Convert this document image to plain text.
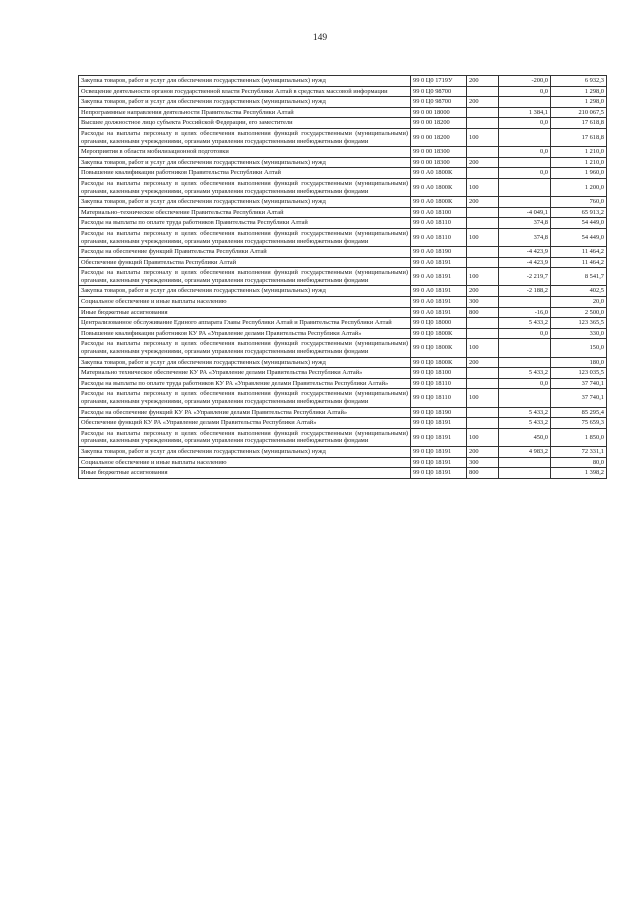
149
Закупка товаров, работ и услуг для обеспечения государственных (муниципальных) нужд	99 0 Ц0 1719У	200	-200,0	6 932,3
Освещение деятельности органов государственной власти Республики Алтай в средствах массовой информации	99 0 Ц0 98700		0,0	1 298,0
Закупка товаров, работ и услуг для обеспечения государственных (муниципальных) нужд	99 0 Ц0 98700	200		1 298,0
Непрограммные направления деятельности Правительства Республики Алтай	99 0 00 18000		1 384,1	210 067,5
Высшее должностное лицо субъекта Российской Федерации, его заместители	99 0 00 18200		0,0	17 618,8
Расходы на выплаты персоналу в целях обеспечения выполнения функций государственными (муниципальными) органами, казенными учреждениями, органами управления государственными внебюджетными фондами	99 0 00 18200	100		17 618,8
Мероприятия в области мобилизационной подготовки	99 0 00 18300		0,0	1 210,0
Закупка товаров, работ и услуг для обеспечения государственных (муниципальных) нужд	99 0 00 18300	200		1 210,0
Повышение квалификации работников Правительства Республики Алтай	99 0 А0 1800К		0,0	1 960,0
Расходы на выплаты персоналу в целях обеспечения выполнения функций государственными (муниципальными) органами, казенными учреждениями, органами управления государственными внебюджетными фондами	99 0 А0 1800К	100		1 200,0
Закупка товаров, работ и услуг для обеспечения государственных (муниципальных) нужд	99 0 А0 1800К	200		760,0
Материально–техническое обеспечение Правительства Республики Алтай	99 0 А0 18100		-4 049,1	65 913,2
Расходы на выплаты по оплате труда работников Правительства Республики Алтай	99 0 А0 18110		374,8	54 449,0
Расходы на выплаты персоналу в целях обеспечения выполнения функций государственными (муниципальными) органами, казенными учреждениями, органами управления государственными внебюджетными фондами	99 0 А0 18110	100	374,8	54 449,0
Расходы на обеспечение функций Правительства Республики Алтай	99 0 А0 18190		-4 423,9	11 464,2
Обеспечение функций Правительства Республики Алтай	99 0 А0 18191		-4 423,9	11 464,2
Расходы на выплаты персоналу в целях обеспечения выполнения функций государственными (муниципальными) органами, казенными учреждениями, органами управления государственными внебюджетными фондами	99 0 А0 18191	100	-2 219,7	8 541,7
Закупка товаров, работ и услуг для обеспечения государственных (муниципальных) нужд	99 0 А0 18191	200	-2 188,2	402,5
Социальное обеспечение и иные выплаты населению	99 0 А0 18191	300		20,0
Иные бюджетные ассигнования	99 0 А0 18191	800	-16,0	2 500,0
Централизованное обслуживание Единого аппарата Главы Республики Алтай и Правительства Республики Алтай	99 0 Ц0 18000		5 433,2	123 365,5
Повышение квалификации работников КУ РА «Управление делами Правительства Республики Алтай»	99 0 Ц0 1800К		0,0	330,0
Расходы на выплаты персоналу в целях обеспечения выполнения функций государственными (муниципальными) органами, казенными учреждениями, органами управления государственными внебюджетными фондами	99 0 Ц0 1800К	100		150,0
Закупка товаров, работ и услуг для обеспечения государственных (муниципальных) нужд	99 0 Ц0 1800К	200		180,0
Материально техническое обеспечение КУ РА «Управление делами Правительства Республики Алтай»	99 0 Ц0 18100		5 433,2	123 035,5
Расходы на выплаты по оплате труда работников КУ РА «Управление делами Правительства Республики Алтай»	99 0 Ц0 18110		0,0	37 740,1
Расходы на выплаты персоналу в целях обеспечения выполнения функций государственными (муниципальными) органами, казенными учреждениями, органами управления государственными внебюджетными фондами	99 0 Ц0 18110	100		37 740,1
Расходы на обеспечение функций КУ РА «Управление делами Правительства Республики Алтай»	99 0 Ц0 18190		5 433,2	85 295,4
Обеспечение функций КУ РА «Управление делами Правительства Республики Алтай»	99 0 Ц0 18191		5 433,2	75 659,3
Расходы на выплаты персоналу в целях обеспечения выполнения функций государственными (муниципальными) органами, казенными учреждениями, органами управления государственными внебюджетными фондами	99 0 Ц0 18191	100	450,0	1 850,0
Закупка товаров, работ и услуг для обеспечения государственных (муниципальных) нужд	99 0 Ц0 18191	200	4 983,2	72 331,1
Социальное обеспечение и иные выплаты населению	99 0 Ц0 18191	300		80,0
Иные бюджетные ассигнования	99 0 Ц0 18191	800		1 398,2
